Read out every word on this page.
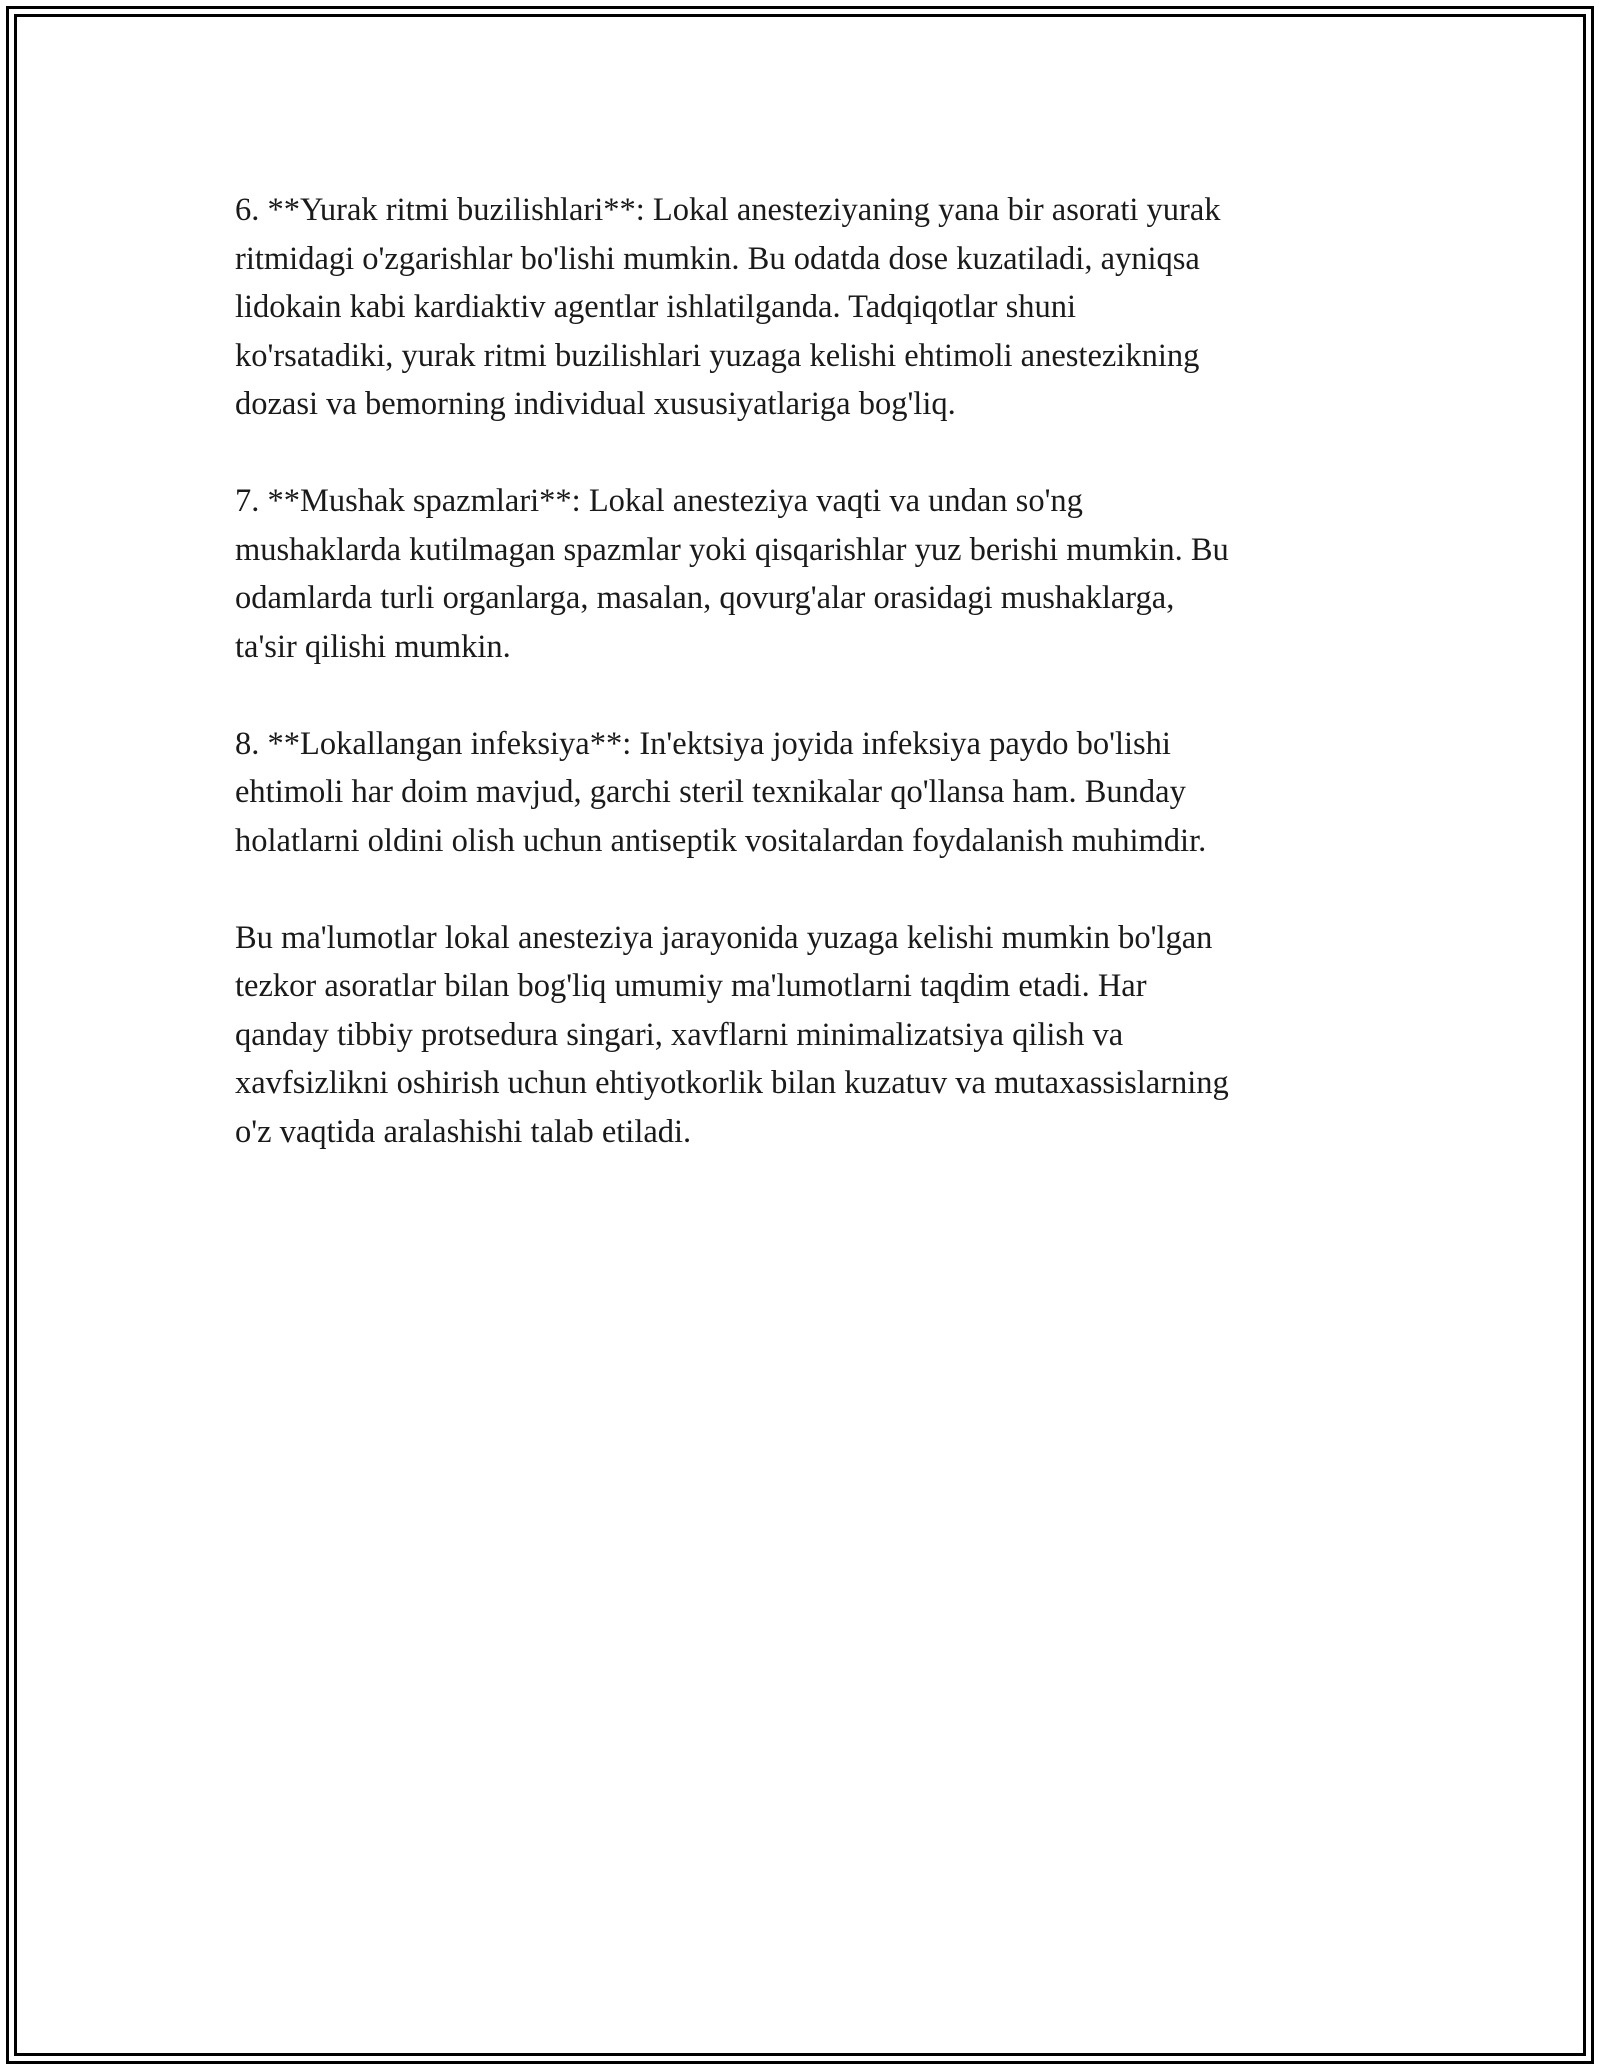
6. **Yurak ritmi buzilishlari**: Lokal anesteziyaning yana bir asorati yurak
ritmidagi o'zgarishlar bo'lishi mumkin. Bu odatda dose kuzatiladi, ayniqsa
lidokain kabi kardiaktiv agentlar ishlatilganda. Tadqiqotlar shuni
ko'rsatadiki, yurak ritmi buzilishlari yuzaga kelishi ehtimoli anestezikning
dozasi va bemorning individual xususiyatlariga bog'liq.

7. **Mushak spazmlari**: Lokal anesteziya vaqti va undan so'ng
mushaklarda kutilmagan spazmlar yoki qisqarishlar yuz berishi mumkin. Bu
odamlarda turli organlarga, masalan, qovurg'alar orasidagi mushaklarga,
ta'sir qilishi mumkin.

8. **Lokallangan infeksiya**: In'ektsiya joyida infeksiya paydo bo'lishi
ehtimoli har doim mavjud, garchi steril texnikalar qo'llansa ham. Bunday
holatlarni oldini olish uchun antiseptik vositalardan foydalanish muhimdir.

Bu ma'lumotlar lokal anesteziya jarayonida yuzaga kelishi mumkin bo'lgan
tezkor asoratlar bilan bog'liq umumiy ma'lumotlarni taqdim etadi. Har
qanday tibbiy protsedura singari, xavflarni minimalizatsiya qilish va
xavfsizlikni oshirish uchun ehtiyotkorlik bilan kuzatuv va mutaxassislarning
o'z vaqtida aralashishi talab etiladi.
